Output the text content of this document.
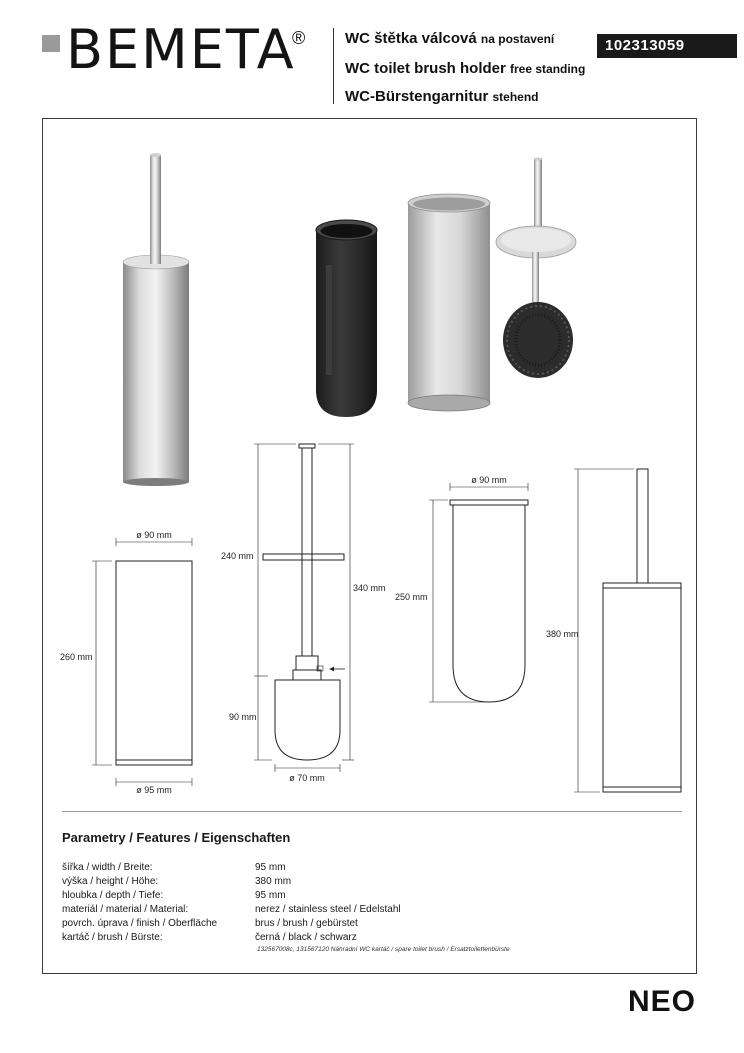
BEMETA
®	WC štětka válcová na postavení
WC toilet brush holder free standing
WC-Bürstengarnitur stehend
102313059
ø 90 mm
260 mm
ø 95 mm
240 mm
340 mm
90 mm
ø 70 mm
ø 90 mm
250 mm
380 mm
Parametry / Features / Eigenschaften
šířka / width / Breite:	95 mm
výška / height / Höhe:	380 mm
hloubka / depth / Tiefe:	95 mm
materiál / material / Material:	nerez / stainless steel / Edelstahl
povrch. úprava / finish / Oberfläche	brus / brush / gebürstet
kartáč / brush / Bürste:	černá / black / schwarz
132567008c, 131567120 Náhradní WC kartáč / spare toilet brush / Ersatztoilettenbürste
NEO
